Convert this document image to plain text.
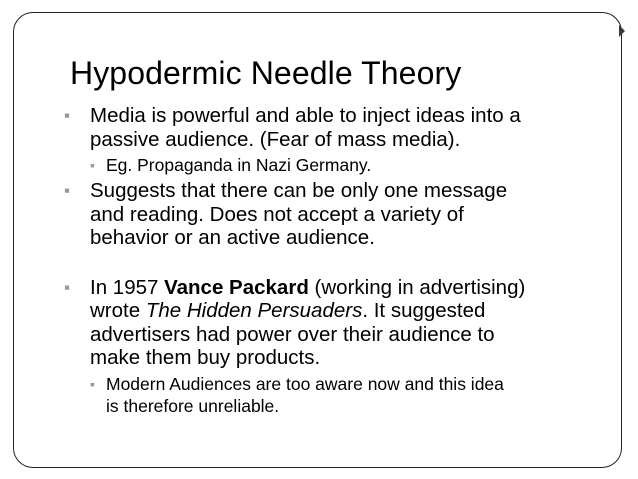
Hypodermic Needle Theory
▪
Media is powerful and able to inject ideas into a
passive audience. (Fear of mass media).
▪
Eg. Propaganda in Nazi Germany.
▪
Suggests that there can be only one message
and reading. Does not accept a variety of
behavior or an active audience.
▪
In 1957 Vance Packard (working in advertising)
wrote The Hidden Persuaders. It suggested
advertisers had power over their audience to
make them buy products.
▪
Modern Audiences are too aware now and this idea
is therefore unreliable.
